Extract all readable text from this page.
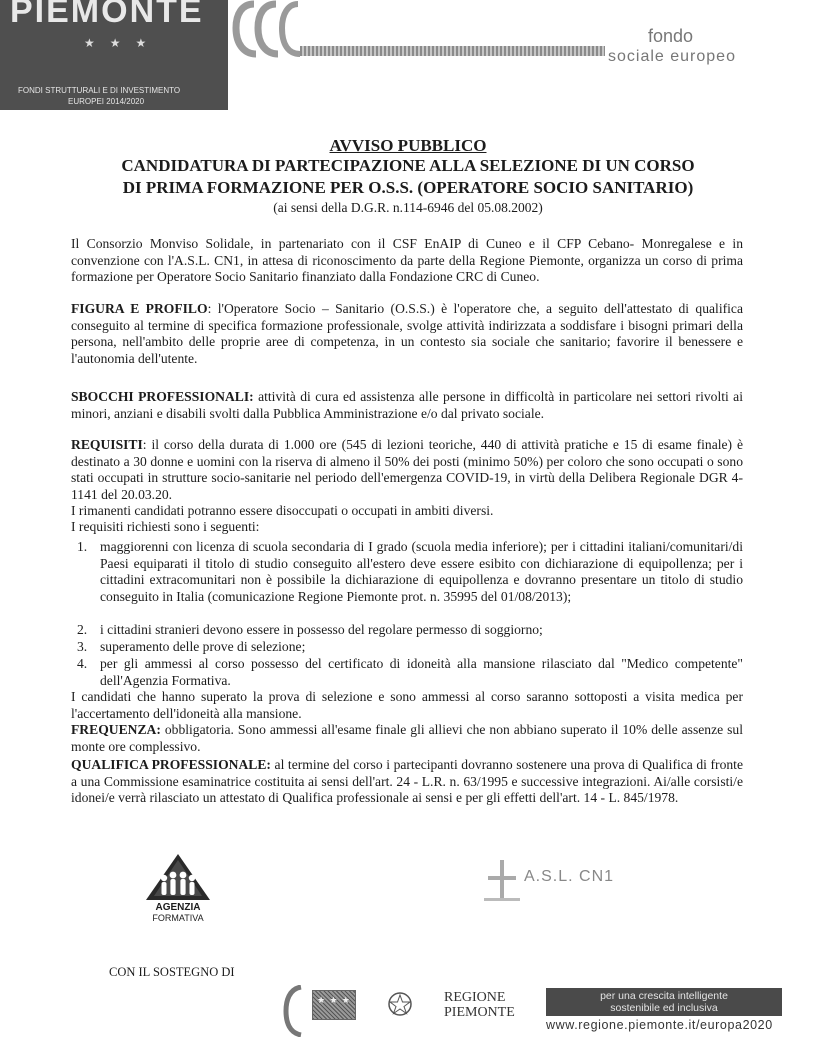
PIEMONTE
★ ★ ★
FONDI STRUTTURALI E DI INVESTIMENTO
EUROPEI 2014/2020
fondo
sociale europeo
AVVISO PUBBLICO
CANDIDATURA DI PARTECIPAZIONE ALLA SELEZIONE DI UN CORSO
DI PRIMA FORMAZIONE PER O.S.S. (OPERATORE SOCIO SANITARIO)
(ai sensi della D.G.R. n.114-6946 del 05.08.2002)
Il Consorzio Monviso Solidale, in partenariato con il CSF EnAIP di Cuneo e il CFP Cebano- Monregalese e in convenzione con l'A.S.L. CN1, in attesa di riconoscimento da parte della Regione Piemonte, organizza un corso di prima formazione per Operatore Socio Sanitario finanziato dalla Fondazione CRC di Cuneo.
FIGURA E PROFILO: l'Operatore Socio – Sanitario (O.S.S.) è l'operatore che, a seguito dell'attestato di qualifica conseguito al termine di specifica formazione professionale, svolge attività indirizzata a soddisfare i bisogni primari della persona, nell'ambito delle proprie aree di competenza, in un contesto sia sociale che sanitario; favorire il benessere e l'autonomia dell'utente.
SBOCCHI PROFESSIONALI: attività di cura ed assistenza alle persone in difficoltà in particolare nei settori rivolti ai minori, anziani e disabili svolti dalla Pubblica Amministrazione e/o dal privato sociale.
REQUISITI: il corso della durata di 1.000 ore (545 di lezioni teoriche, 440 di attività pratiche e 15 di esame finale) è destinato a 30 donne e uomini con la riserva di almeno il 50% dei posti (minimo 50%) per coloro che sono occupati o sono stati occupati in strutture socio-sanitarie nel periodo dell'emergenza COVID-19, in virtù della Delibera Regionale DGR 4-1141 del 20.03.20.
I rimanenti candidati potranno essere disoccupati o occupati in ambiti diversi.
I requisiti richiesti sono i seguenti:
1. maggiorenni con licenza di scuola secondaria di I grado (scuola media inferiore); per i cittadini italiani/comunitari/di Paesi equiparati il titolo di studio conseguito all'estero deve essere esibito con dichiarazione di equipollenza; per i cittadini extracomunitari non è possibile la dichiarazione di equipollenza e dovranno presentare un titolo di studio conseguito in Italia (comunicazione Regione Piemonte prot. n. 35995 del 01/08/2013);
2. i cittadini stranieri devono essere in possesso del regolare permesso di soggiorno;
3. superamento delle prove di selezione;
4. per gli ammessi al corso possesso del certificato di idoneità alla mansione rilasciato dal "Medico competente" dell'Agenzia Formativa.
I candidati che hanno superato la prova di selezione e sono ammessi al corso saranno sottoposti a visita medica per l'accertamento dell'idoneità alla mansione.
FREQUENZA: obbligatoria. Sono ammessi all'esame finale gli allievi che non abbiano superato il 10% delle assenze sul monte ore complessivo.
QUALIFICA PROFESSIONALE: al termine del corso i partecipanti dovranno sostenere una prova di Qualifica di fronte a una Commissione esaminatrice costituita ai sensi dell'art. 24 - L.R. n. 63/1995 e successive integrazioni. Ai/alle corsisti/e idonei/e verrà rilasciato un attestato di Qualifica professionale ai sensi e per gli effetti dell'art. 14 - L. 845/1978.
AGENZIA
FORMATIVA
A.S.L. CN1
CON IL SOSTEGNO DI
★ ★ ★	REGIONE
PIEMONTE
per una crescita intelligente
sostenibile ed inclusiva
www.regione.piemonte.it/europa2020
